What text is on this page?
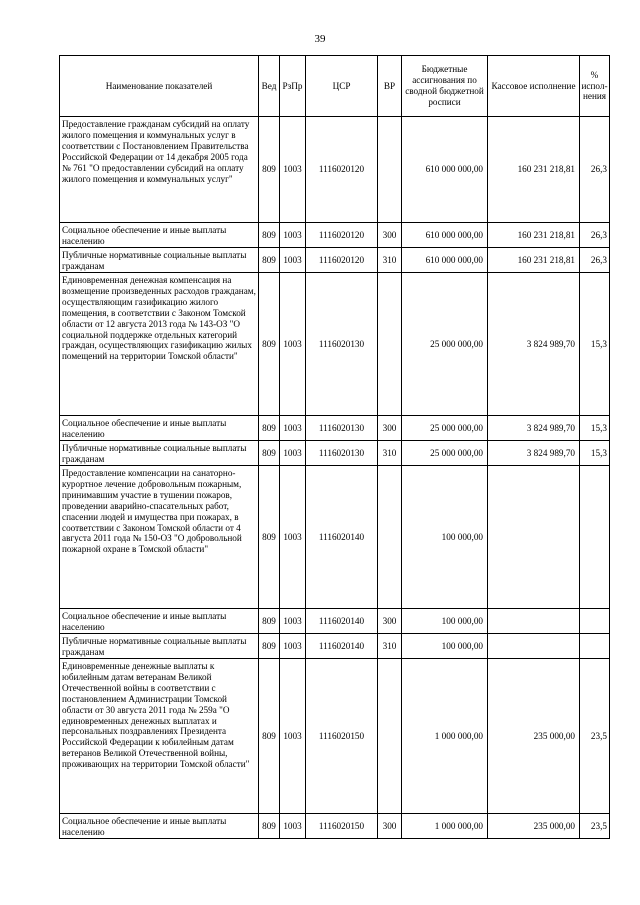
39
Наименование показателей	Вед	РзПр	ЦСР	ВР	Бюджетные ассигнования по сводной бюджетной росписи	Кассовое исполнение	% испол-нения
Предоставление гражданам субсидий на оплату жилого помещения и коммунальных услуг в соответствии с Постановлением Правительства Российской Федерации от 14 декабря 2005 года № 761 "О предоставлении субсидий на оплату жилого помещения и коммунальных услуг"	809	1003	1116020120		610 000 000,00	160 231 218,81	26,3
Социальное обеспечение и иные выплаты населению	809	1003	1116020120	300	610 000 000,00	160 231 218,81	26,3
Публичные нормативные социальные выплаты гражданам	809	1003	1116020120	310	610 000 000,00	160 231 218,81	26,3
Единовременная денежная компенсация на возмещение произведенных расходов гражданам, осуществляющим газификацию жилого помещения, в соответствии с Законом Томской области от 12 августа 2013 года № 143-ОЗ "О социальной поддержке отдельных категорий граждан, осуществляющих газификацию жилых помещений на территории Томской области"	809	1003	1116020130		25 000 000,00	3 824 989,70	15,3
Социальное обеспечение и иные выплаты населению	809	1003	1116020130	300	25 000 000,00	3 824 989,70	15,3
Публичные нормативные социальные выплаты гражданам	809	1003	1116020130	310	25 000 000,00	3 824 989,70	15,3
Предоставление компенсации на санаторно-курортное лечение добровольным пожарным, принимавшим участие в тушении пожаров, проведении аварийно-спасательных работ, спасении людей и имущества при пожарах, в соответствии с Законом Томской области от 4 августа 2011 года № 150-ОЗ "О добровольной пожарной охране в Томской области"	809	1003	1116020140		100 000,00		
Социальное обеспечение и иные выплаты населению	809	1003	1116020140	300	100 000,00		
Публичные нормативные социальные выплаты гражданам	809	1003	1116020140	310	100 000,00		
Единовременные денежные выплаты к юбилейным датам ветеранам Великой Отечественной войны в соответствии с постановлением Администрации Томской области от 30 августа 2011 года № 259а "О единовременных денежных выплатах и персональных поздравлениях Президента Российской Федерации к юбилейным датам ветеранов Великой Отечественной войны, проживающих на территории Томской области"	809	1003	1116020150		1 000 000,00	235 000,00	23,5
Социальное обеспечение и иные выплаты населению	809	1003	1116020150	300	1 000 000,00	235 000,00	23,5
